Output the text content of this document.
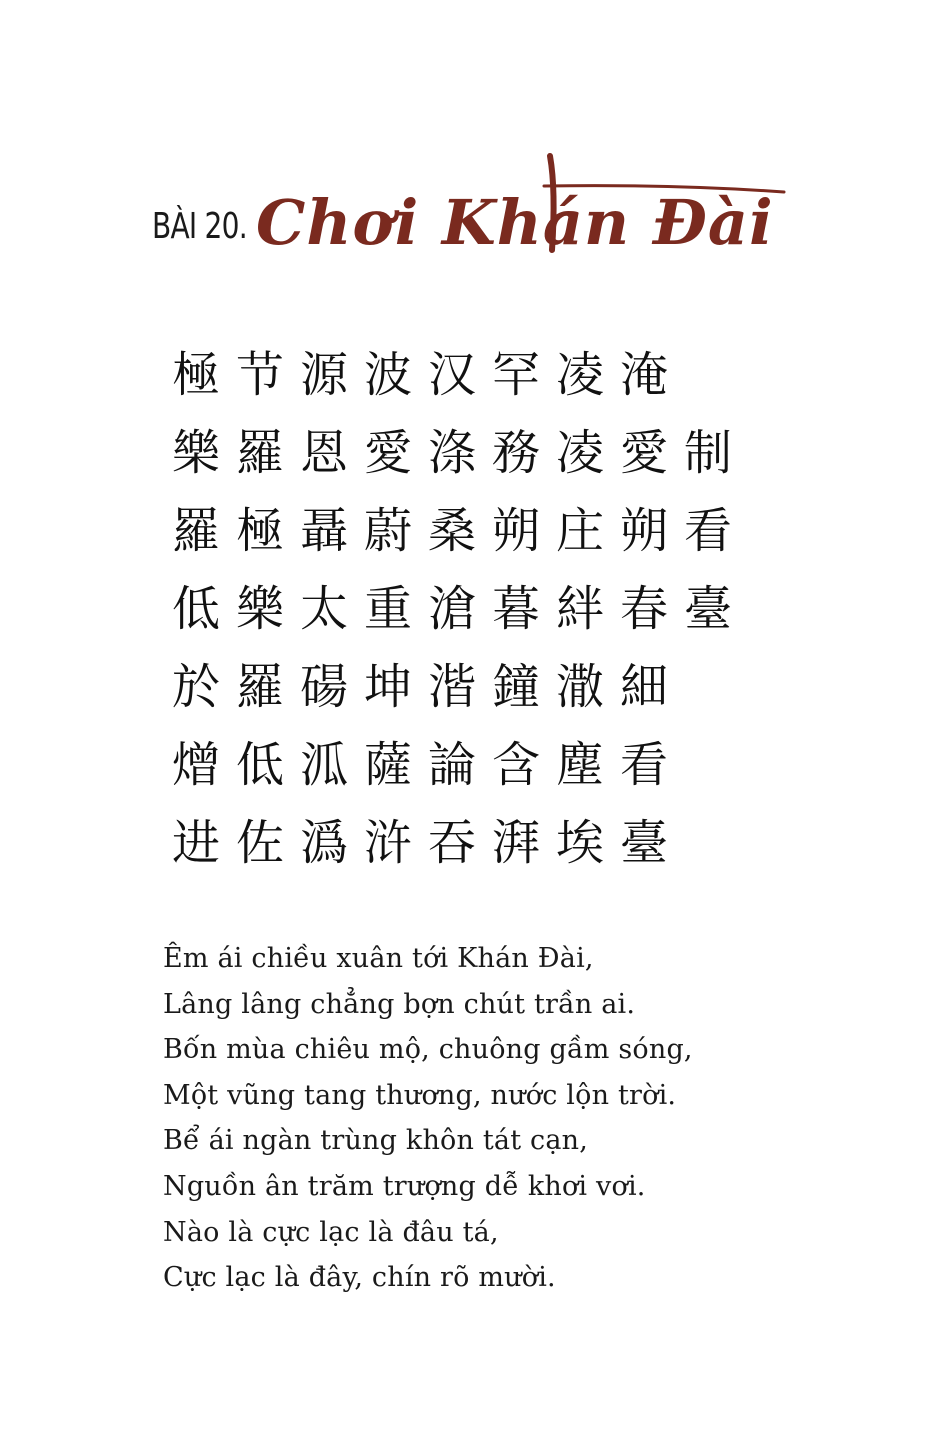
BÀI 20. Chơi Khán Đài
極 节 源 波 汉 罕 凌 淹
樂 羅 恩 愛 涤 務 凌 愛 制
羅 極 聶 蔚 桑 朔 庄 朔 看
低 樂 太 重 滄 暮 絆 春 臺
於 羅 碭 坤 湝 鐘 潵 細
熷 低 泒 薩 論 含 塵 看
进 佐 潙 浒 吞 湃 埃 臺
Êm ái chiều xuân tới Khán Đài,
Lâng lâng chẳng bợn chút trần ai.
Bốn mùa chiêu mộ, chuông gầm sóng,
Một vũng tang thương, nước lộn trời.
Bể ái ngàn trùng khôn tát cạn,
Nguồn ân trăm trượng dễ khơi vơi.
Nào là cực lạc là đâu tá,
Cực lạc là đây, chín rõ mười.
